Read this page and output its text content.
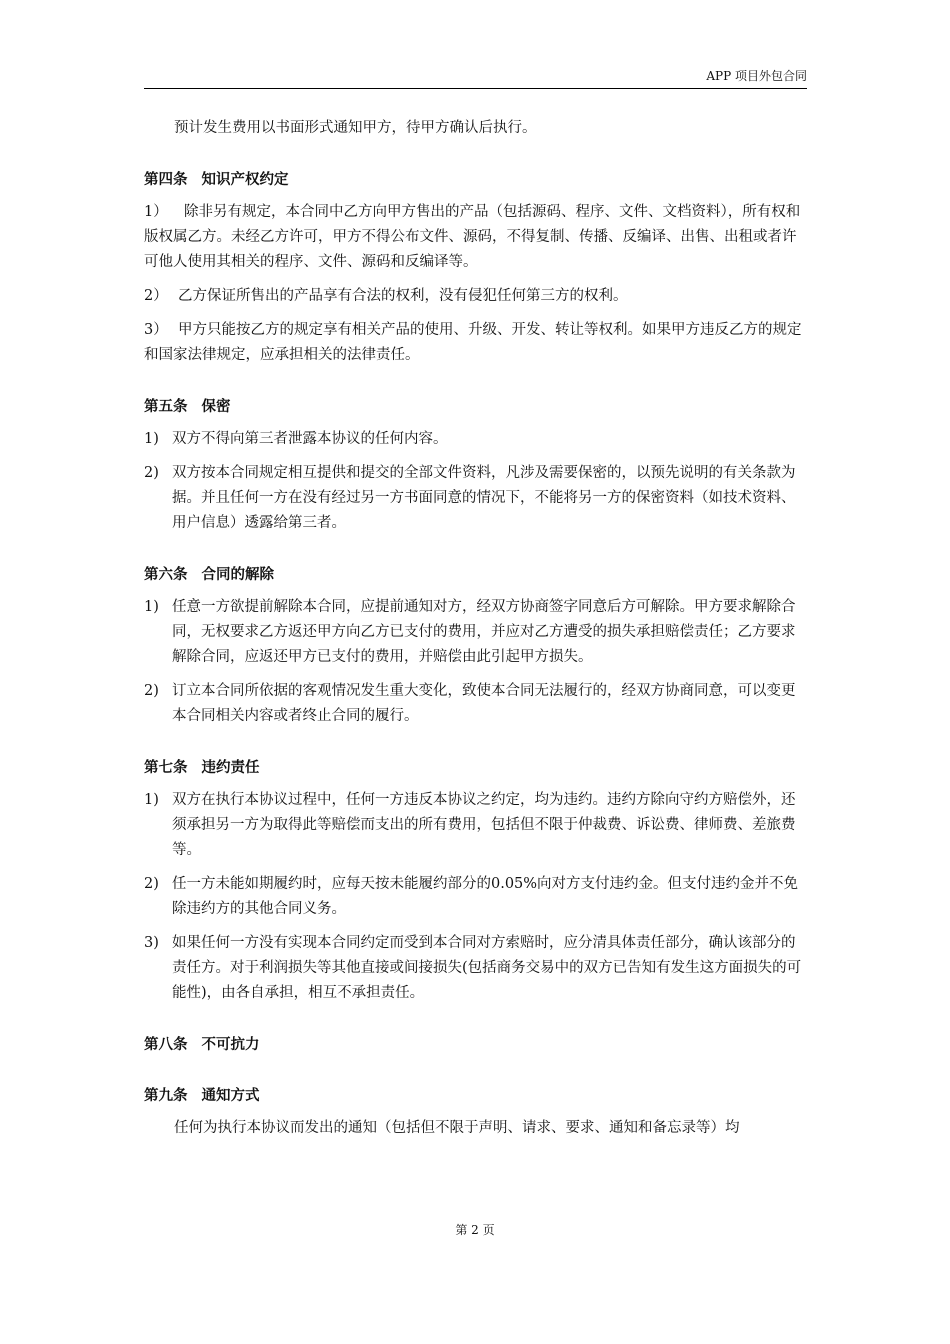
APP 项目外包合同

预计发生费用以书面形式通知甲方，待甲方确认后执行。

第四条 知识产权约定

1） 除非另有规定，本合同中乙方向甲方售出的产品（包括源码、程序、文件、文档资料），所有权和版权属乙方。未经乙方许可，甲方不得公布文件、源码，不得复制、传播、反编译、出售、出租或者许可他人使用其相关的程序、文件、源码和反编译等。

2） 乙方保证所售出的产品享有合法的权利，没有侵犯任何第三方的权利。

3） 甲方只能按乙方的规定享有相关产品的使用、升级、开发、转让等权利。如果甲方违反乙方的规定和国家法律规定，应承担相关的法律责任。

第五条 保密

1) 双方不得向第三者泄露本协议的任何内容。

2) 双方按本合同规定相互提供和提交的全部文件资料，凡涉及需要保密的，以预先说明的有关条款为据。并且任何一方在没有经过另一方书面同意的情况下，不能将另一方的保密资料（如技术资料、用户信息）透露给第三者。

第六条 合同的解除

1) 任意一方欲提前解除本合同，应提前通知对方，经双方协商签字同意后方可解除。甲方要求解除合同，无权要求乙方返还甲方向乙方已支付的费用，并应对乙方遭受的损失承担赔偿责任；乙方要求解除合同，应返还甲方已支付的费用，并赔偿由此引起甲方损失。

2) 订立本合同所依据的客观情况发生重大变化，致使本合同无法履行的，经双方协商同意，可以变更本合同相关内容或者终止合同的履行。

第七条 违约责任

1) 双方在执行本协议过程中，任何一方违反本协议之约定，均为违约。违约方除向守约方赔偿外，还须承担另一方为取得此等赔偿而支出的所有费用，包括但不限于仲裁费、诉讼费、律师费、差旅费等。

2) 任一方未能如期履约时，应每天按未能履约部分的0.05%向对方支付违约金。但支付违约金并不免除违约方的其他合同义务。

3) 如果任何一方没有实现本合同约定而受到本合同对方索赔时，应分清具体责任部分，确认该部分的责任方。对于利润损失等其他直接或间接损失(包括商务交易中的双方已告知有发生这方面损失的可能性)，由各自承担，相互不承担责任。

第八条 不可抗力
第九条 通知方式

任何为执行本协议而发出的通知（包括但不限于声明、请求、要求、通知和备忘录等）均

第 2 页
